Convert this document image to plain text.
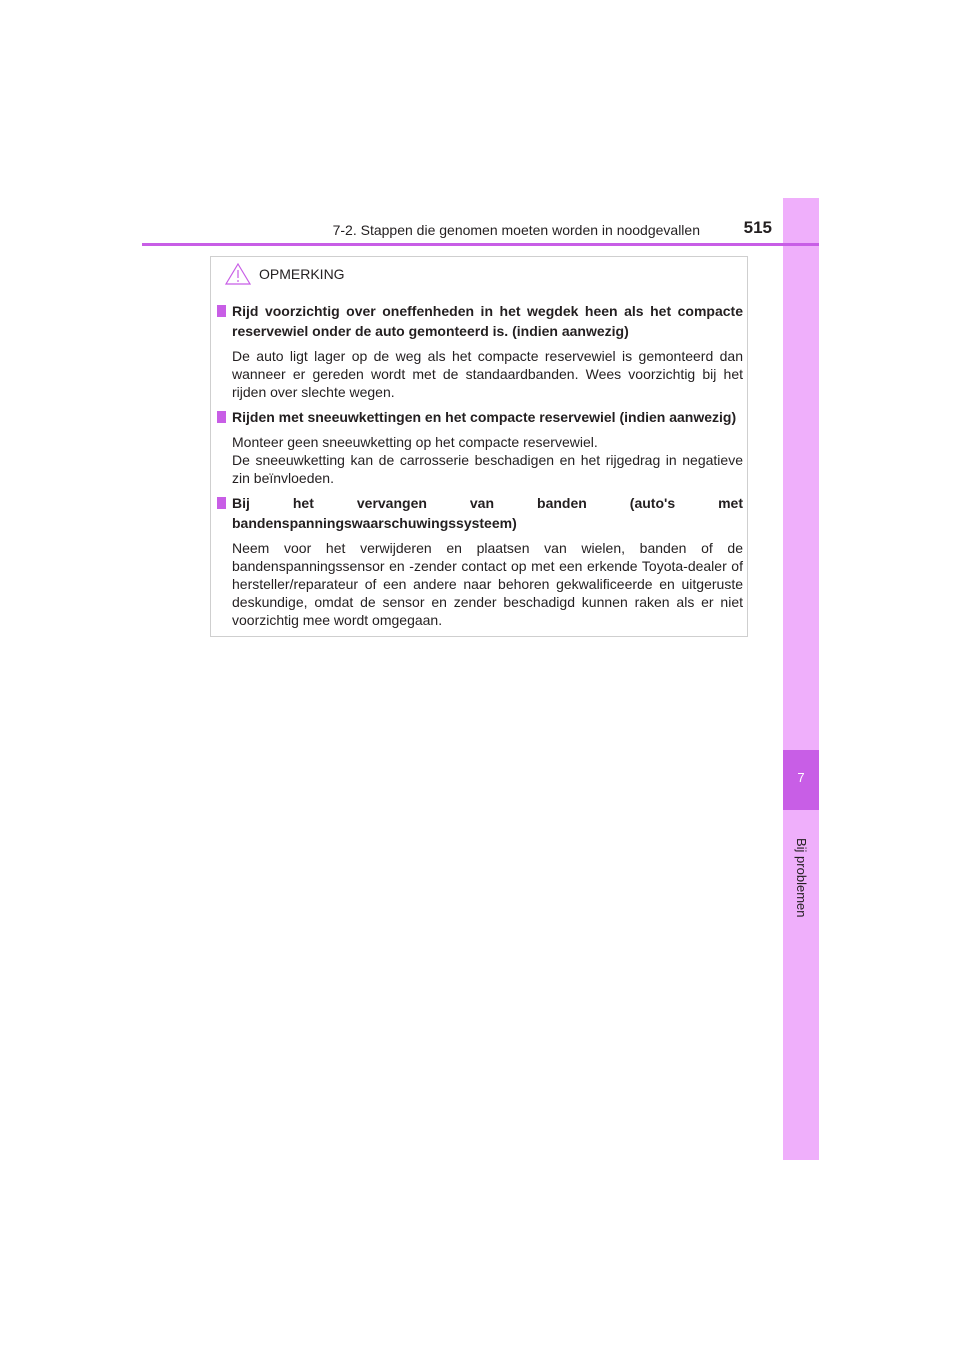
7
Bij problemen
7-2. Stappen die genomen moeten worden in noodgevallen	515
OPMERKING
Rijd voorzichtig over oneffenheden in het wegdek heen als het compacte reservewiel onder de auto gemonteerd is. (indien aanwezig)

De auto ligt lager op de weg als het compacte reservewiel is gemonteerd dan wanneer er gereden wordt met de standaardbanden. Wees voorzichtig bij het rijden over slechte wegen.

Rijden met sneeuwkettingen en het compacte reservewiel (indien aanwezig)

Monteer geen sneeuwketting op het compacte reservewiel.

De sneeuwketting kan de carrosserie beschadigen en het rijgedrag in negatieve zin beïnvloeden.

Bij het vervangen van banden (auto's met bandenspanningswaarschuwingssysteem)

Neem voor het verwijderen en plaatsen van wielen, banden of de bandenspanningssensor en -zender contact op met een erkende Toyota-dealer of hersteller/reparateur of een andere naar behoren gekwalificeerde en uitgeruste deskundige, omdat de sensor en zender beschadigd kunnen raken als er niet voorzichtig mee wordt omgegaan.
